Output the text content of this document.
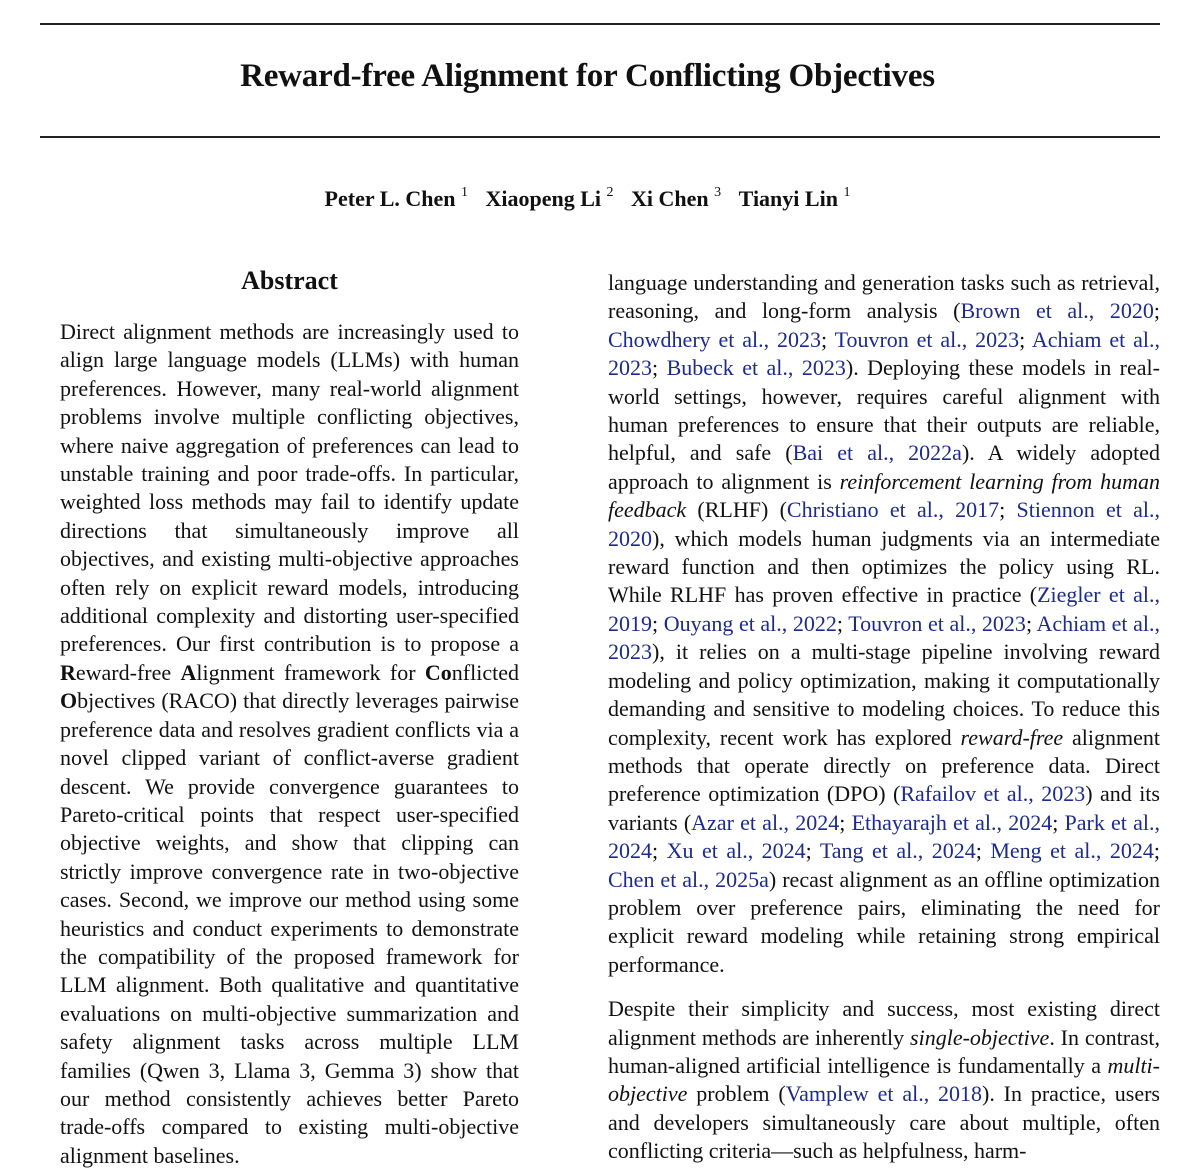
Reward-free Alignment for Conflicting Objectives
Peter L. Chen $^1$ Xiaopeng Li $^2$ Xi Chen $^3$ Tianyi Lin $^1$
Abstract

Direct alignment methods are increasingly used to align large language models (LLMs) with human preferences. However, many real-world alignment problems involve multiple conflicting objectives, where naive aggregation of preferences can lead to unstable training and poor trade-offs. In particular, weighted loss methods may fail to identify update directions that simultaneously improve all objectives, and existing multi-objective approaches often rely on explicit reward models, introducing additional complexity and distorting user-specified preferences. Our first contribution is to propose a Reward-free Alignment framework for Conflicted Objectives (RACO) that directly leverages pairwise preference data and resolves gradient conflicts via a novel clipped variant of conflict-averse gradient descent. We provide convergence guarantees to Pareto-critical points that respect user-specified objective weights, and show that clipping can strictly improve convergence rate in two-objective cases. Second, we improve our method using some heuristics and conduct experiments to demonstrate the compatibility of the proposed framework for LLM alignment. Both qualitative and quantitative evaluations on multi-objective summarization and safety alignment tasks across multiple LLM families (Qwen 3, Llama 3, Gemma 3) show that our method consistently achieves better Pareto trade-offs compared to existing multi-objective alignment baselines.

language understanding and generation tasks such as retrieval, reasoning, and long-form analysis (Brown et al., 2020; Chowdhery et al., 2023; Touvron et al., 2023; Achiam et al., 2023; Bubeck et al., 2023). Deploying these models in real-world settings, however, requires careful alignment with human preferences to ensure that their outputs are reliable, helpful, and safe (Bai et al., 2022a). A widely adopted approach to alignment is reinforcement learning from human feedback (RLHF) (Christiano et al., 2017; Stiennon et al., 2020), which models human judgments via an intermediate reward function and then optimizes the policy using RL. While RLHF has proven effective in practice (Ziegler et al., 2019; Ouyang et al., 2022; Touvron et al., 2023; Achiam et al., 2023), it relies on a multi-stage pipeline involving reward modeling and policy optimization, making it computationally demanding and sensitive to modeling choices. To reduce this complexity, recent work has explored reward-free alignment methods that operate directly on preference data. Direct preference optimization (DPO) (Rafailov et al., 2023) and its variants (Azar et al., 2024; Ethayarajh et al., 2024; Park et al., 2024; Xu et al., 2024; Tang et al., 2024; Meng et al., 2024; Chen et al., 2025a) recast alignment as an offline optimization problem over preference pairs, eliminating the need for explicit reward modeling while retaining strong empirical performance.

Despite their simplicity and success, most existing direct alignment methods are inherently single-objective. In contrast, human-aligned artificial intelligence is fundamentally a multi-objective problem (Vamplew et al., 2018). In practice, users and developers simultaneously care about multiple, often conflicting criteria—such as helpfulness, harm-
